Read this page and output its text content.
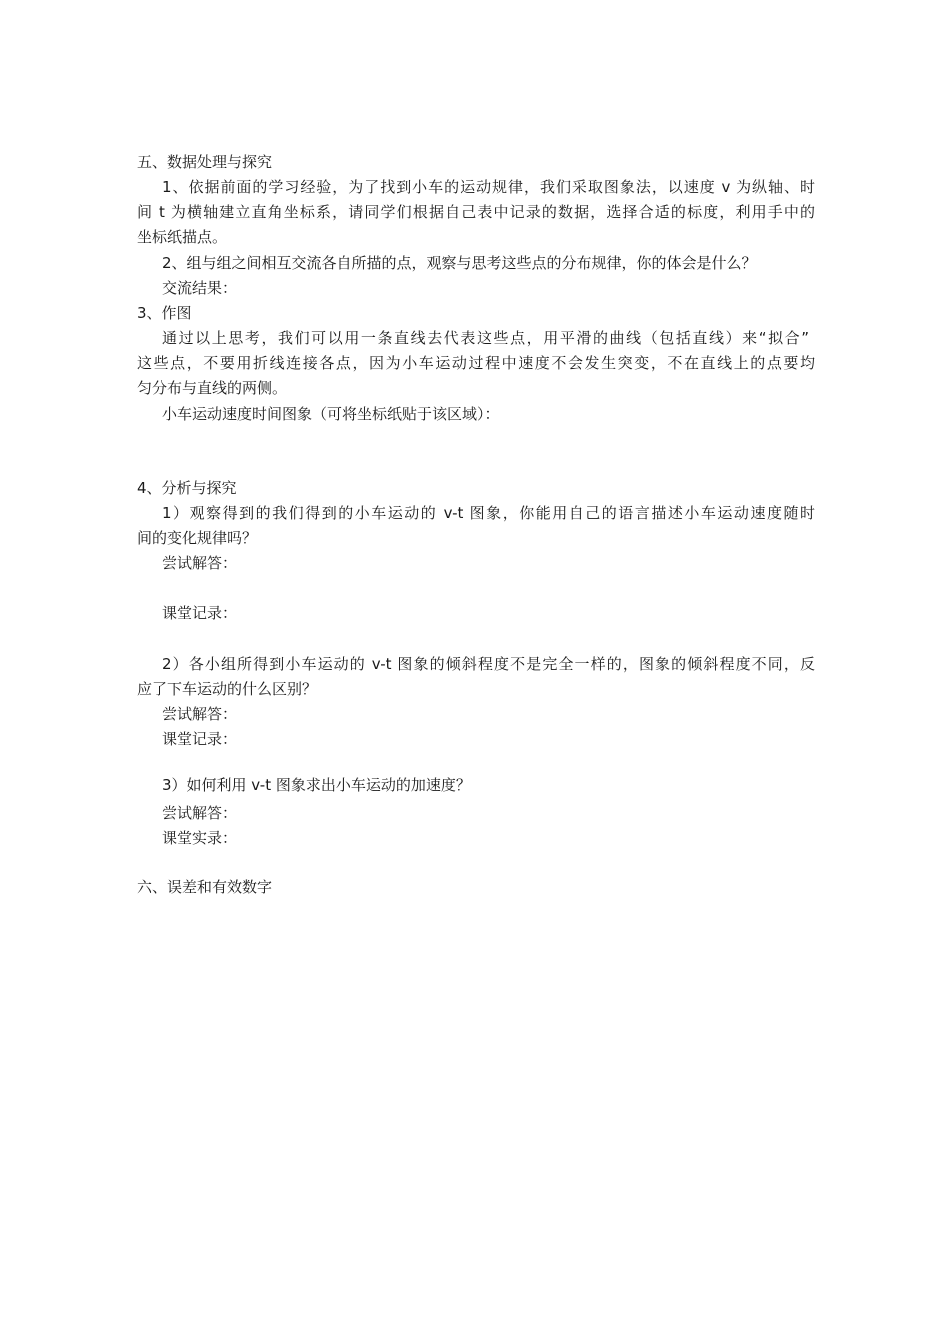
五、数据处理与探究

1、依据前面的学习经验，为了找到小车的运动规律，我们采取图象法，以速度 v 为纵轴、时

间 t 为横轴建立直角坐标系，请同学们根据自己表中记录的数据，选择合适的标度，利用手中的

坐标纸描点。

2、组与组之间相互交流各自所描的点，观察与思考这些点的分布规律，你的体会是什么？

交流结果：

3、作图

通过以上思考，我们可以用一条直线去代表这些点，用平滑的曲线（包括直线）来“拟合”

这些点，不要用折线连接各点，因为小车运动过程中速度不会发生突变，不在直线上的点要均

匀分布与直线的两侧。

小车运动速度时间图象（可将坐标纸贴于该区域）：

4、分析与探究

1）观察得到的我们得到的小车运动的 v-t 图象，你能用自己的语言描述小车运动速度随时

间的变化规律吗？

尝试解答：

课堂记录：

2）各小组所得到小车运动的 v-t 图象的倾斜程度不是完全一样的，图象的倾斜程度不同，反

应了下车运动的什么区别？

尝试解答：

课堂记录：

3）如何利用 v-t 图象求出小车运动的加速度？

尝试解答：

课堂实录：

六、误差和有效数字
